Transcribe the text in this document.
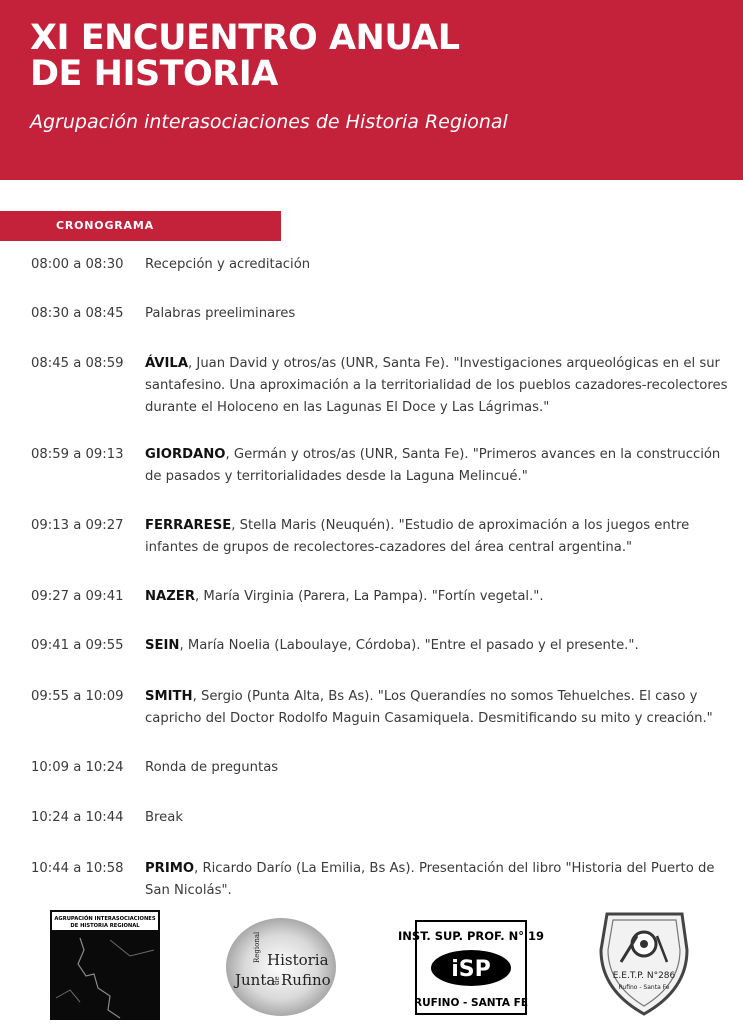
XI ENCUENTRO ANUAL
DE HISTORIA
Agrupación interasociaciones de Historia Regional
CRONOGRAMA
08:00 a 08:30	Recepción y acreditación
08:30 a 08:45	Palabras preeliminares
08:45 a 08:59	ÁVILA, Juan David y otros/as (UNR, Santa Fe). "Investigaciones arqueológicas en el sur santafesino. Una aproximación a la territorialidad de los pueblos cazadores-recolectores durante el Holoceno en las Lagunas El Doce y Las Lágrimas."
08:59 a 09:13	GIORDANO, Germán y otros/as (UNR, Santa Fe). "Primeros avances en la construcción de pasados y territorialidades desde la Laguna Melincué."
09:13 a 09:27	FERRARESE, Stella Maris (Neuquén). "Estudio de aproximación a los juegos entre infantes de grupos de recolectores-cazadores del área central argentina."
09:27 a 09:41	NAZER, María Virginia (Parera, La Pampa). "Fortín vegetal.".
09:41 a 09:55	SEIN, María Noelia (Laboulaye, Córdoba). "Entre el pasado y el presente.".
09:55 a 10:09	SMITH, Sergio (Punta Alta, Bs As). "Los Querandíes no somos Tehuelches. El caso y capricho del Doctor Rodolfo Maguin Casamiquela. Desmitificando su mito y creación."
10:09 a 10:24	Ronda de preguntas
10:24 a 10:44	Break
10:44 a 10:58	PRIMO, Ricardo Darío (La Emilia, Bs As). Presentación del libro "Historia del Puerto de San Nicolás".
AGRUPACIÓN INTERASOCIACIONES
DE HISTORIA REGIONAL
Historia
Regional
Junta
de Rufino
INST. SUP. PROF. N° 19
iSP
RUFINO - SANTA FE
E.E.T.P. N°286
Rufino - Santa Fe
